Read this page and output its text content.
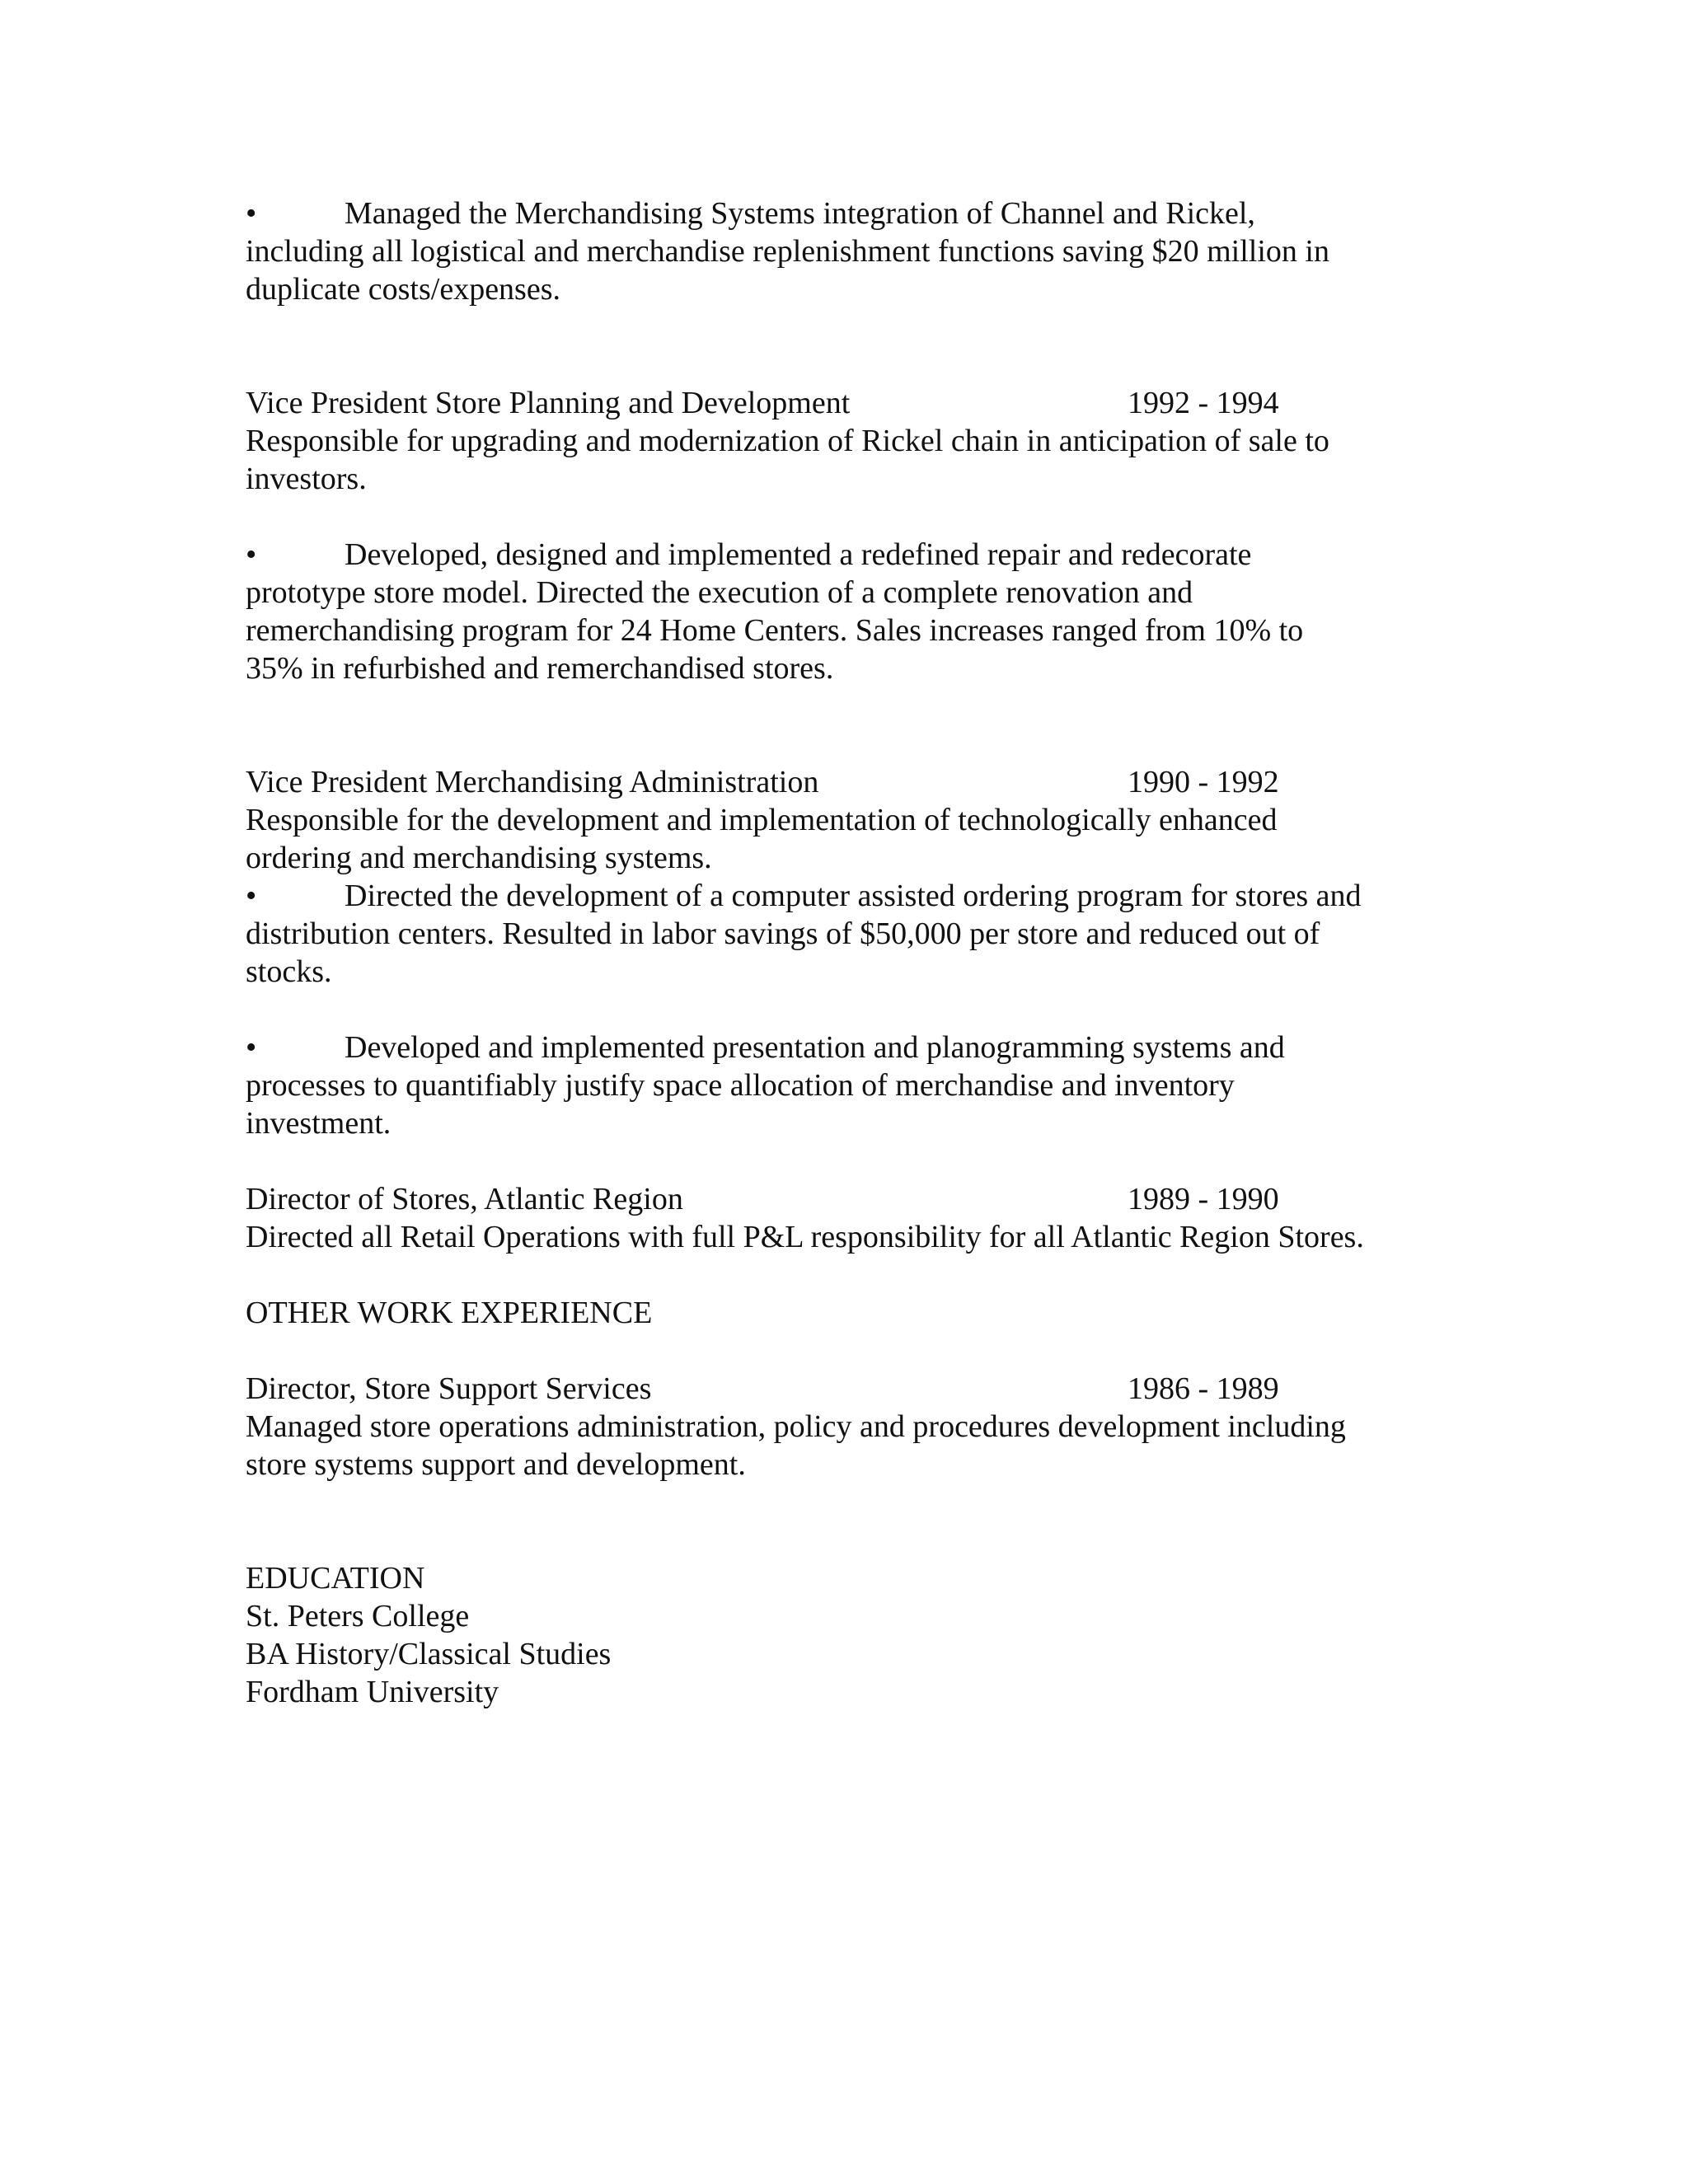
•	Managed the Merchandising Systems integration of Channel and Rickel,
including all logistical and merchandise replenishment functions saving $20 million in
duplicate costs/expenses.
Vice President Store Planning and Development	1992 - 1994
Responsible for upgrading and modernization of Rickel chain in anticipation of sale to
investors.
•	Developed, designed and implemented a redefined repair and redecorate
prototype store model. Directed the execution of a complete renovation and
remerchandising program for 24 Home Centers. Sales increases ranged from 10% to
35% in refurbished and remerchandised stores.
Vice President Merchandising Administration	1990 - 1992
Responsible for the development and implementation of technologically enhanced
ordering and merchandising systems.
•	Directed the development of a computer assisted ordering program for stores and
distribution centers. Resulted in labor savings of $50,000 per store and reduced out of
stocks.
•	Developed and implemented presentation and planogramming systems and
processes to quantifiably justify space allocation of merchandise and inventory
investment.
Director of Stores, Atlantic Region	1989 - 1990
Directed all Retail Operations with full P&L responsibility for all Atlantic Region Stores.
OTHER WORK EXPERIENCE
Director, Store Support Services	1986 - 1989
Managed store operations administration, policy and procedures development including
store systems support and development.
EDUCATION
St. Peters College
BA History/Classical Studies
Fordham University
